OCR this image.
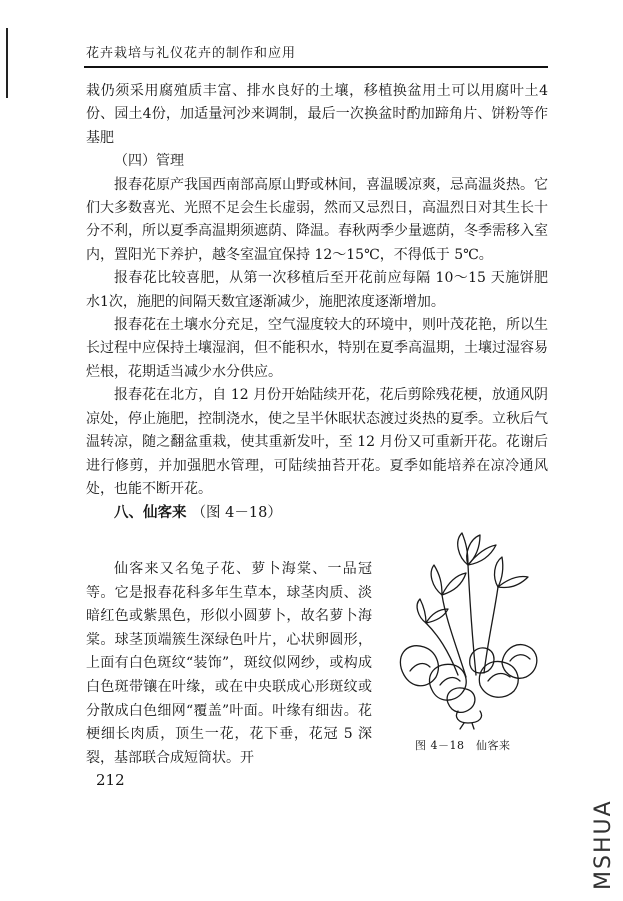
花卉栽培与礼仪花卉的制作和应用

栽仍须采用腐殖质丰富、排水良好的土壤，移植换盆用土可以用腐叶土4份、园土4份，加适量河沙来调制，最后一次换盆时酌加蹄角片、饼粉等作基肥

（四）管理

报春花原产我国西南部高原山野或林间，喜温暖凉爽，忌高温炎热。它们大多数喜光、光照不足会生长虚弱，然而又忌烈日，高温烈日对其生长十分不利，所以夏季高温期须遮荫、降温。春秋两季少量遮荫，冬季需移入室内，置阳光下养护，越冬室温宜保持 12～15℃，不得低于 5℃。

报春花比较喜肥，从第一次移植后至开花前应每隔 10～15 天施饼肥水1次，施肥的间隔天数宜逐渐减少，施肥浓度逐渐增加。

报春花在土壤水分充足，空气湿度较大的环境中，则叶茂花艳，所以生长过程中应保持土壤湿润，但不能积水，特别在夏季高温期，土壤过湿容易烂根，花期适当减少水分供应。

报春花在北方，自 12 月份开始陆续开花，花后剪除残花梗，放通风阴凉处，停止施肥，控制浇水，使之呈半休眠状态渡过炎热的夏季。立秋后气温转凉，随之翻盆重栽，使其重新发叶，至 12 月份又可重新开花。花谢后进行修剪，并加强肥水管理，可陆续抽苔开花。夏季如能培养在凉冷通风处，也能不断开花。

八、仙客来 （图 4－18）

仙客来又名兔子花、萝卜海棠、一品冠等。它是报春花科多年生草本，球茎肉质、淡暗红色或紫黑色，形似小圆萝卜，故名萝卜海棠。球茎顶端簇生深绿色叶片，心状卵圆形，上面有白色斑纹“装饰”，斑纹似网纱，或构成白色斑带镶在叶缘，或在中央联成心形斑纹或分散成白色细网“覆盖”叶面。叶缘有细齿。花梗细长肉质，顶生一花，花下垂，花冠 5 深裂，基部联合成短筒状。开

图 4－18　仙客来
212
MSHUA
